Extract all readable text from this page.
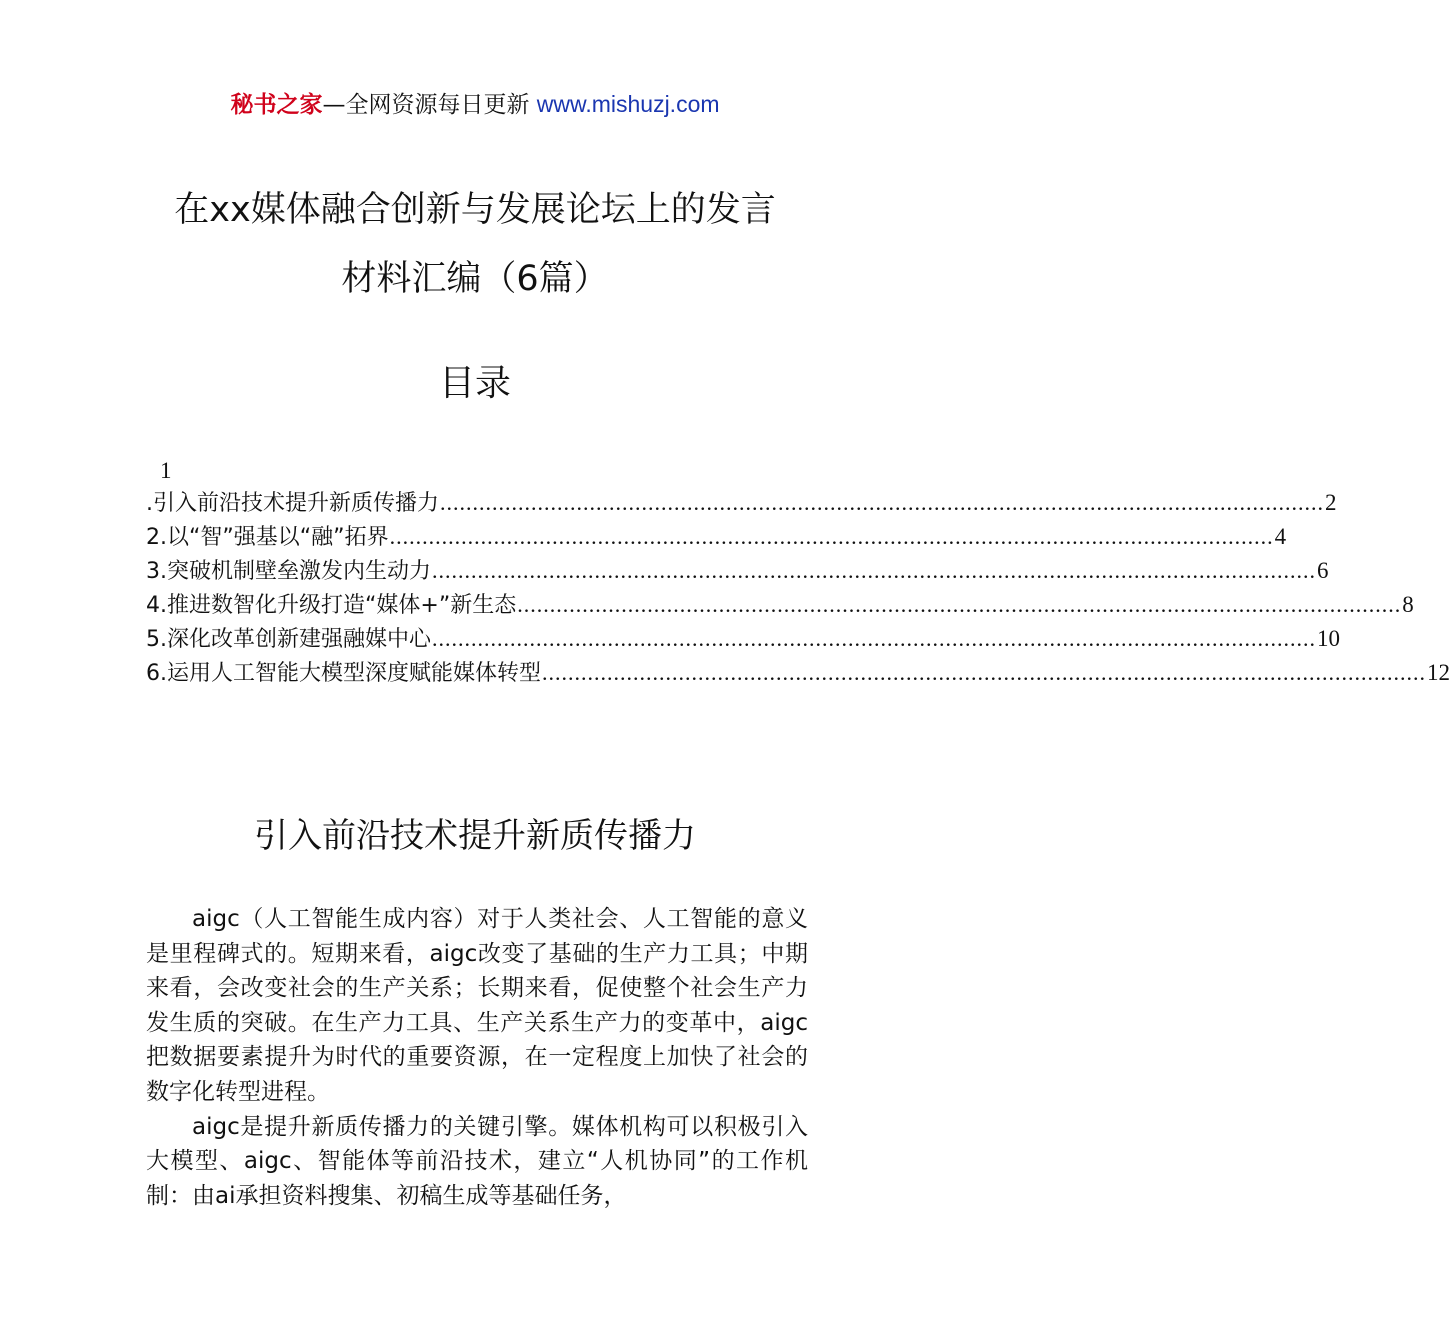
秘书之家—全网资源每日更新 www.mishuzj.com
在xx媒体融合创新与发展论坛上的发言
材料汇编（6篇）
目录
1
.引入前沿技术提升新质传播力 ........................................................................................................................................ 2
2.以“智”强基以“融”拓界 ........................................................................................................................................ 4
3.突破机制壁垒激发内生动力 ........................................................................................................................................ 6
4.推进数智化升级打造“媒体+”新生态 ........................................................................................................................................ 8
5.深化改革创新建强融媒中心 ........................................................................................................................................ 10
6.运用人工智能大模型深度赋能媒体转型 ........................................................................................................................................ 12
引入前沿技术提升新质传播力

aigc（人工智能生成内容）对于人类社会、人工智能的意义是里程碑式的。短期来看，aigc改变了基础的生产力工具；中期来看，会改变社会的生产关系；长期来看，促使整个社会生产力发生质的突破。在生产力工具、生产关系生产力的变革中，aigc把数据要素提升为时代的重要资源，在一定程度上加快了社会的数字化转型进程。

aigc是提升新质传播力的关键引擎。媒体机构可以积极引入大模型、aigc、智能体等前沿技术，建立“人机协同”的工作机制：由ai承担资料搜集、初稿生成等基础任务，
